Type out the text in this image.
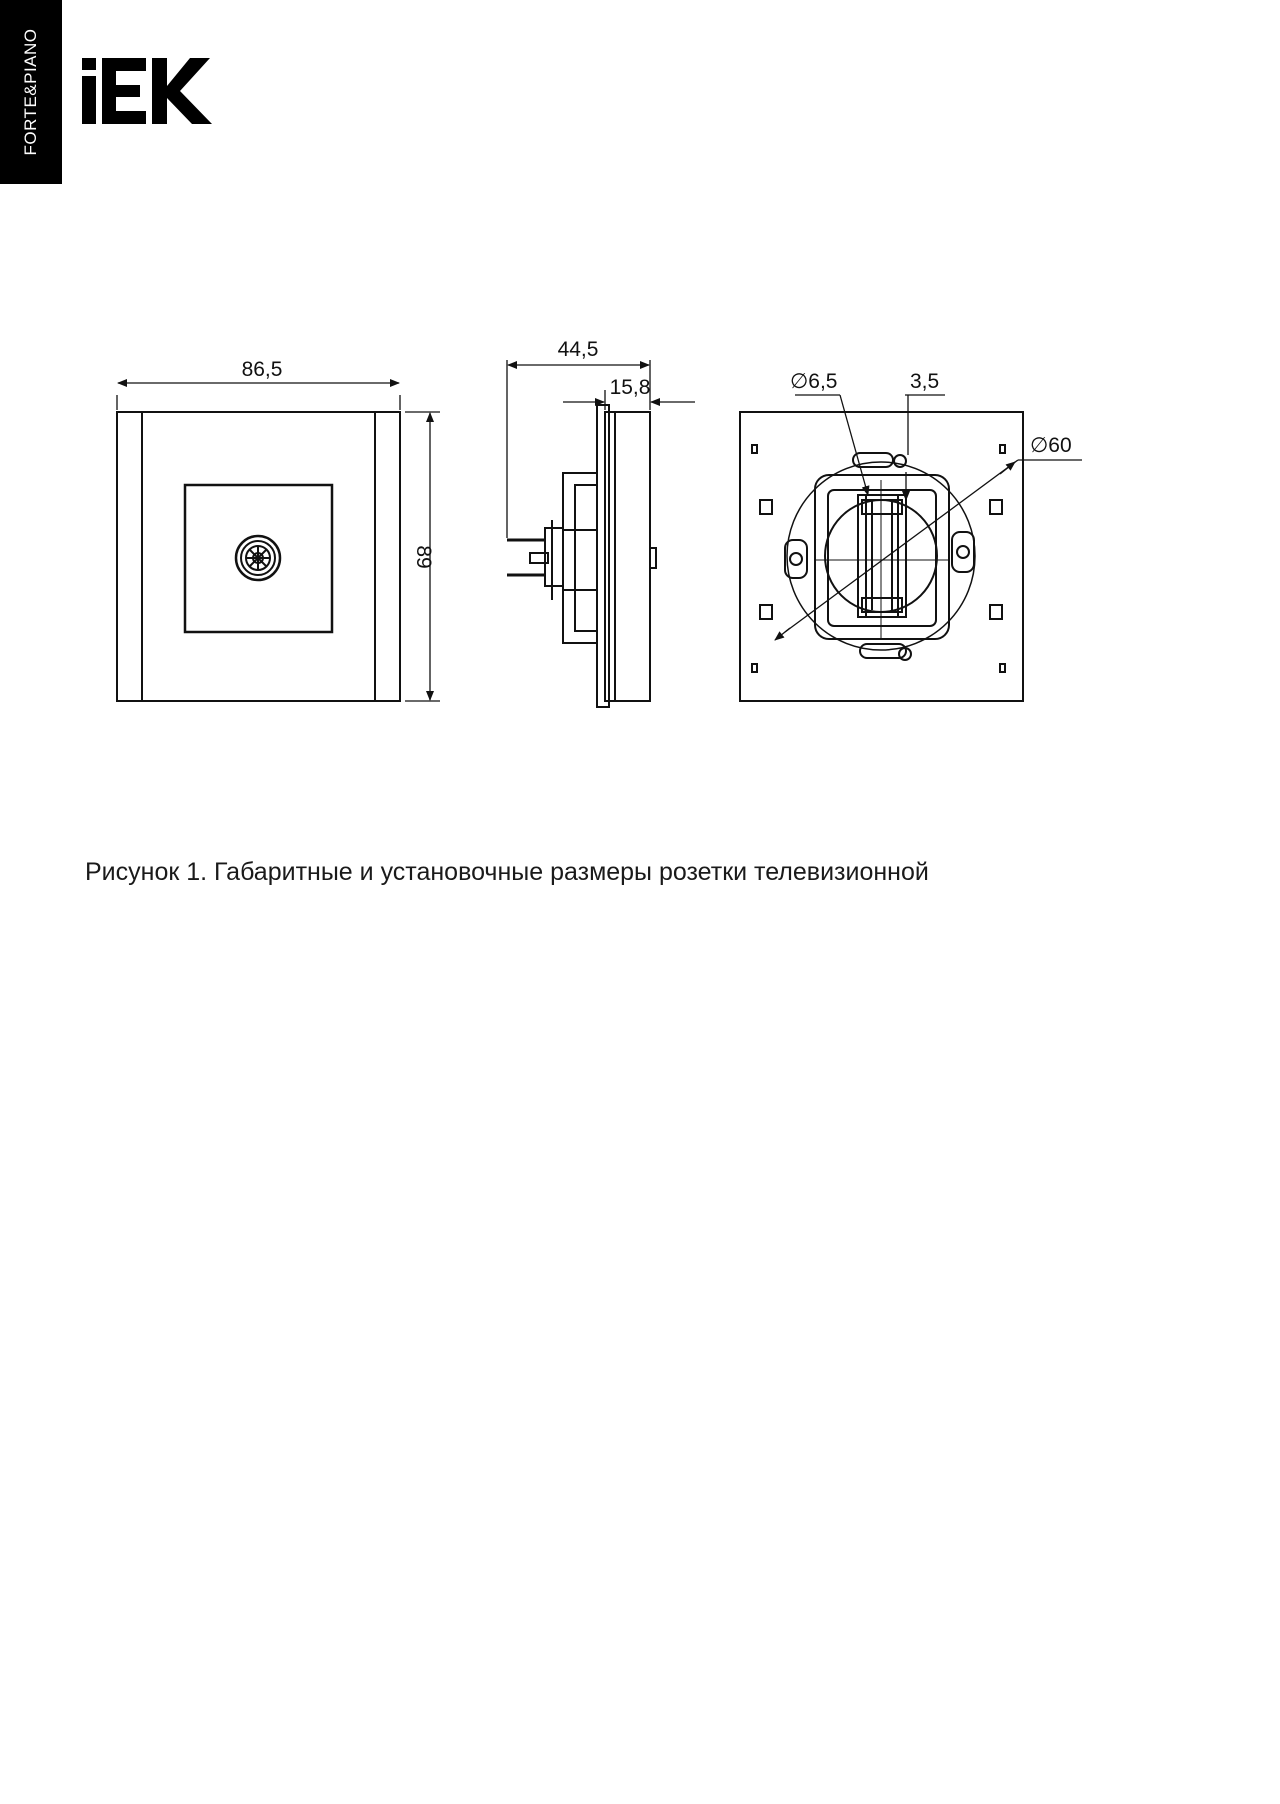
FORTE&PIANO
86,5
89
44,5
15,8
∅60
∅6,5	3,5
Рисунок 1. Габаритные и установочные размеры розетки телевизионной
